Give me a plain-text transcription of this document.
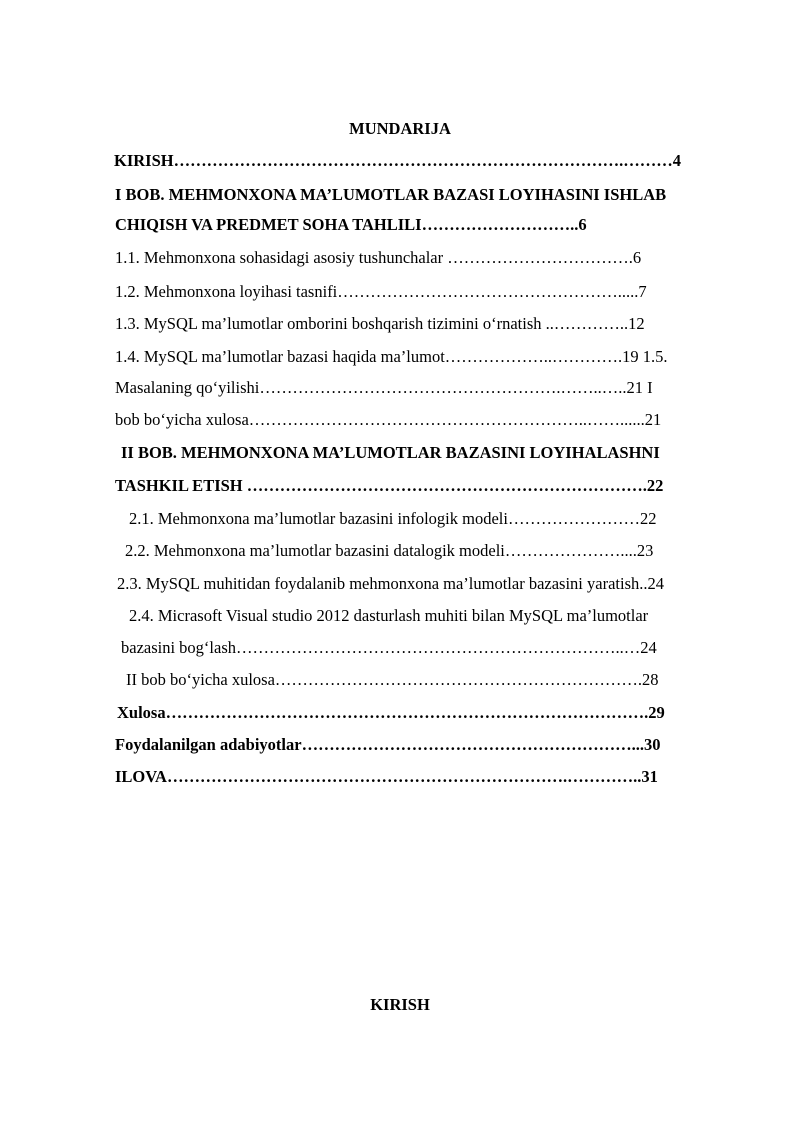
MUNDARIJA
KIRISH……………………………………………………………………….………4
I BOB. MEHMONXONA MA’LUMOTLAR BAZASI LOYIHASINI ISHLAB
CHIQISH VA PREDMET SOHA TAHLILI………………………..6
1.1. Mehmonxona sohasidagi asosiy tushunchalar …………………………….6
1.2. Mehmonxona loyihasi tasnifi…………………………………………….....7
1.3. MySQL ma’lumotlar omborini boshqarish tizimini o‘rnatish ..…………..12
1.4. MySQL ma’lumotlar bazasi haqida ma’lumot………………..………….19 1.5.
Masalaning qo‘yilishi……………………………………………….……..…..21 I
bob bo‘yicha xulosa……………………………………………………..……......21
II BOB. MEHMONXONA MA’LUMOTLAR BAZASINI LOYIHALASHNI
TASHKIL ETISH ……………………………………………………………….22
2.1. Mehmonxona ma’lumotlar bazasini infologik modeli……………………22
2.2. Mehmonxona ma’lumotlar bazasini datalogik modeli…………………....23
2.3. MySQL muhitidan foydalanib mehmonxona ma’lumotlar bazasini yaratish..24
2.4. Micrasoft Visual studio 2012 dasturlash muhiti bilan MySQL ma’lumotlar
bazasini bog‘lash……………………………………………………………..…24
II bob bo‘yicha xulosa………………………………………………………….28
Xulosa…………………………………………………………………………….29
Foydalanilgan adabiyotlar……………………………………………………...30
ILOVA……………………………………………………………….…………..31
KIRISH
